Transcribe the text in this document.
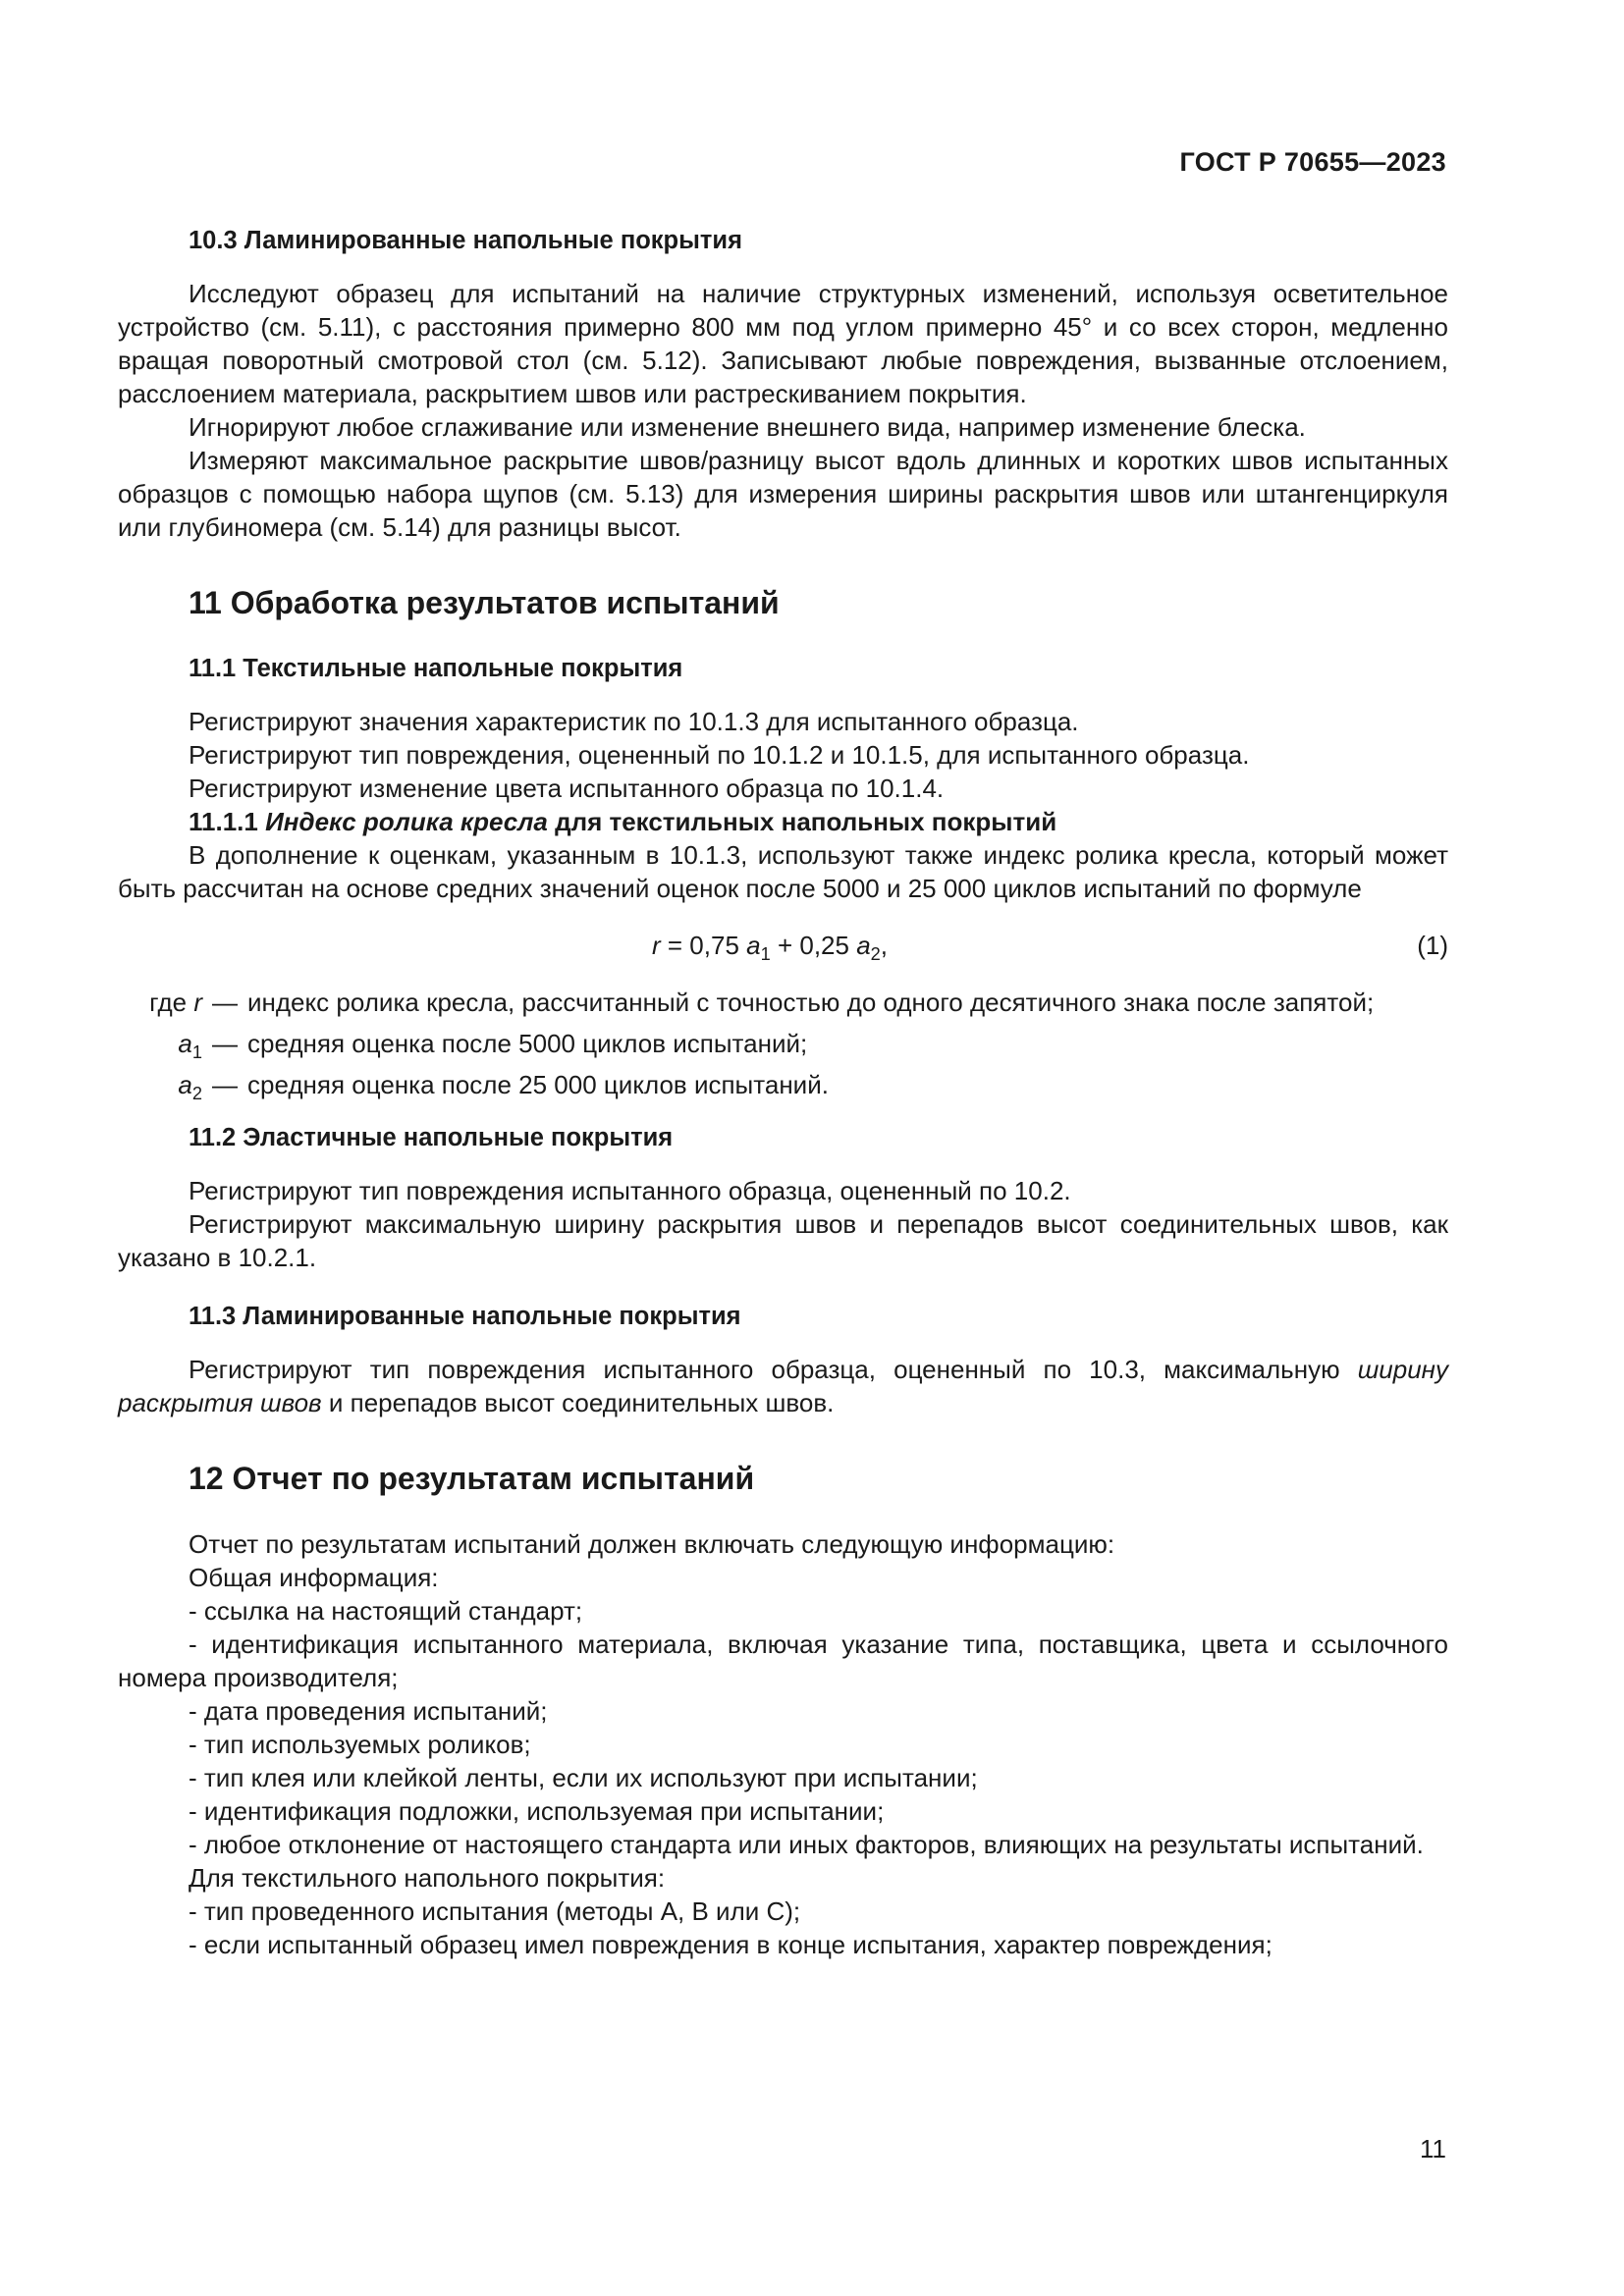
ГОСТ Р 70655—2023
10.3 Ламинированные напольные покрытия

Исследуют образец для испытаний на наличие структурных изменений, используя осветительное устройство (см. 5.11), с расстояния примерно 800 мм под углом примерно 45° и со всех сторон, медленно вращая поворотный смотровой стол (см. 5.12). Записывают любые повреждения, вызванные отслоением, расслоением материала, раскрытием швов или растрескиванием покрытия.

Игнорируют любое сглаживание или изменение внешнего вида, например изменение блеска.

Измеряют максимальное раскрытие швов/разницу высот вдоль длинных и коротких швов испытанных образцов с помощью набора щупов (см. 5.13) для измерения ширины раскрытия швов или штангенциркуля или глубиномера (см. 5.14) для разницы высот.

11 Обработка результатов испытаний
11.1 Текстильные напольные покрытия

Регистрируют значения характеристик по 10.1.3 для испытанного образца.

Регистрируют тип повреждения, оцененный по 10.1.2 и 10.1.5, для испытанного образца.

Регистрируют изменение цвета испытанного образца по 10.1.4.

11.1.1 Индекс ролика кресла для текстильных напольных покрытий

В дополнение к оценкам, указанным в 10.1.3, используют также индекс ролика кресла, который может быть рассчитан на основе средних значений оценок после 5000 и 25 000 циклов испытаний по формуле

r = 0,75 $a_1 + 0,25$ $a_2$,	(1)
где r — индекс ролика кресла, рассчитанный с точностью до одного десятичного знака после запятой;
$a_1$ — средняя оценка после 5000 циклов испытаний;
$a_2$ — средняя оценка после 25 000 циклов испытаний.
11.2 Эластичные напольные покрытия

Регистрируют тип повреждения испытанного образца, оцененный по 10.2.

Регистрируют максимальную ширину раскрытия швов и перепадов высот соединительных швов, как указано в 10.2.1.

11.3 Ламинированные напольные покрытия

Регистрируют тип повреждения испытанного образца, оцененный по 10.3, максимальную ширину раскрытия швов и перепадов высот соединительных швов.

12 Отчет по результатам испытаний

Отчет по результатам испытаний должен включать следующую информацию:

Общая информация:

- ссылка на настоящий стандарт;

- идентификация испытанного материала, включая указание типа, поставщика, цвета и ссылочного номера производителя;

- дата проведения испытаний;

- тип используемых роликов;

- тип клея или клейкой ленты, если их используют при испытании;

- идентификация подложки, используемая при испытании;

- любое отклонение от настоящего стандарта или иных факторов, влияющих на результаты испытаний.

Для текстильного напольного покрытия:

- тип проведенного испытания (методы А, В или С);

- если испытанный образец имел повреждения в конце испытания, характер повреждения;

11
